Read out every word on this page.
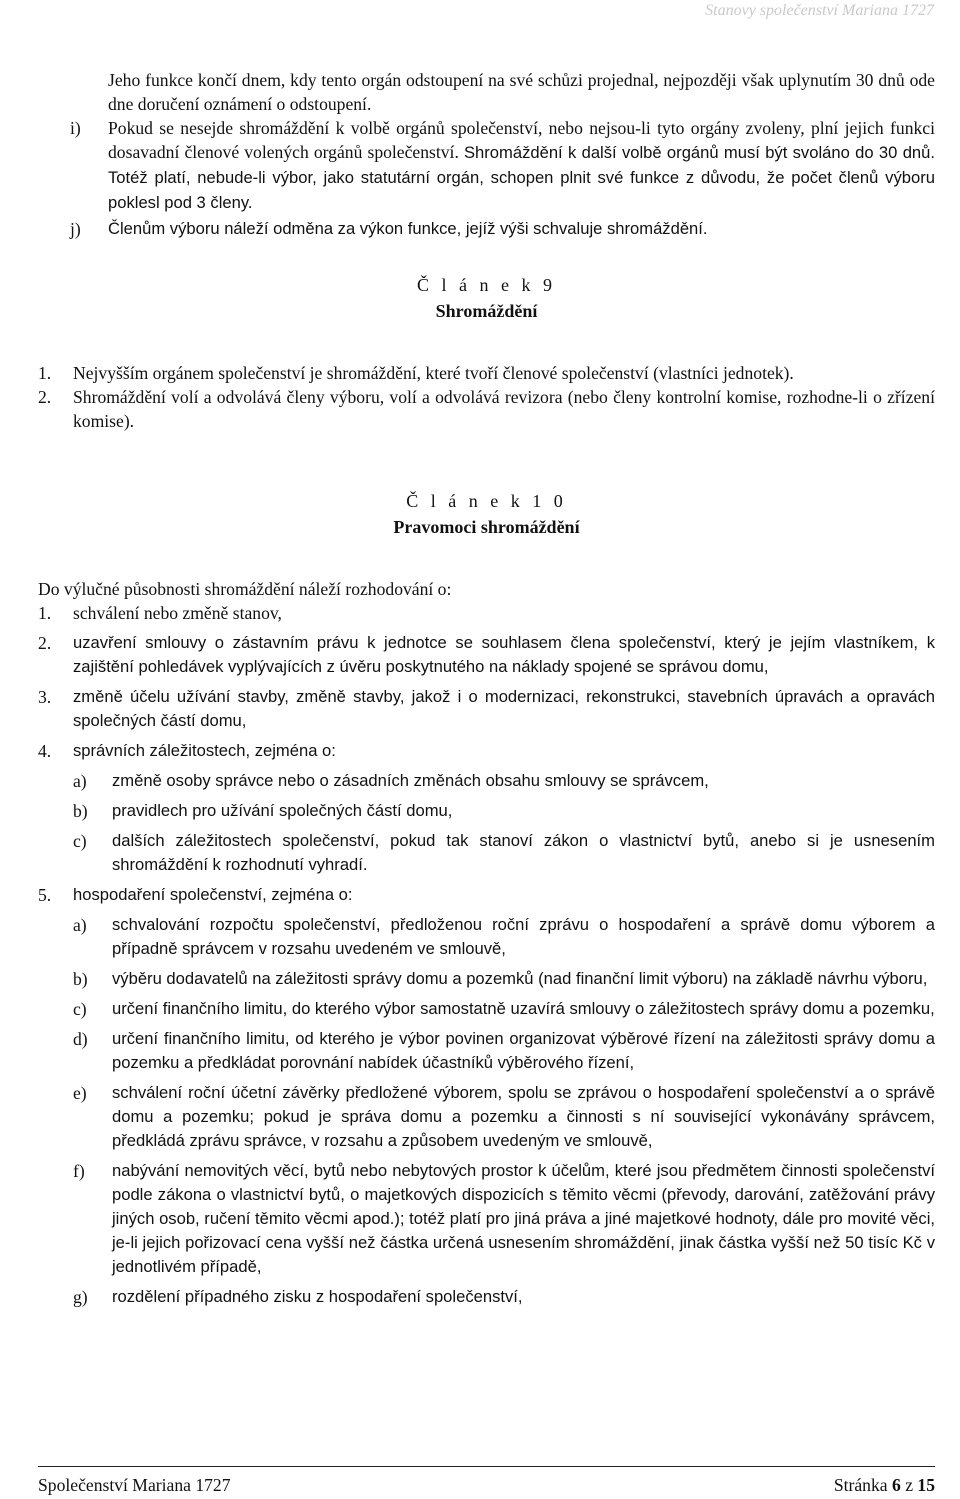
Stanovy společenství Mariana 1727

Jeho funkce končí dnem, kdy tento orgán odstoupení na své schůzi projednal, nejpozději však uplynutím 30 dnů ode dne doručení oznámení o odstoupení.

i)	Pokud se nesejde shromáždění k volbě orgánů společenství, nebo nejsou-li tyto orgány zvoleny, plní jejich funkci dosavadní členové volených orgánů společenství. Shromáždění k další volbě orgánů musí být svoláno do 30 dnů. Totéž platí, nebude-li výbor, jako statutární orgán, schopen plnit své funkce z důvodu, že počet členů výboru poklesl pod 3 členy.
j)	Členům výboru náleží odměna za výkon funkce, jejíž výši schvaluje shromáždění.
Č l á n e k 9
Shromáždění
1.	Nejvyšším orgánem společenství je shromáždění, které tvoří členové společenství (vlastníci jednotek).
2.	Shromáždění volí a odvolává členy výboru, volí a odvolává revizora (nebo členy kontrolní komise, rozhodne-li o zřízení komise).
Č l á n e k 1 0
Pravomoci shromáždění

Do výlučné působnosti shromáždění náleží rozhodování o:

1.	schválení nebo změně stanov,
2.	uzavření smlouvy o zástavním právu k jednotce se souhlasem člena společenství, který je jejím vlastníkem, k zajištění pohledávek vyplývajících z úvěru poskytnutého na náklady spojené se správou domu,
3.	změně účelu užívání stavby, změně stavby, jakož i o modernizaci, rekonstrukci, stavebních úpravách a opravách společných částí domu,
4.	správních záležitostech, zejména o:
a)	změně osoby správce nebo o zásadních změnách obsahu smlouvy se správcem,
b)	pravidlech pro užívání společných částí domu,
c)	dalších záležitostech společenství, pokud tak stanoví zákon o vlastnictví bytů, anebo si je usnesením shromáždění k rozhodnutí vyhradí.
5.	hospodaření společenství, zejména o:
a)	schvalování rozpočtu společenství, předloženou roční zprávu o hospodaření a správě domu výborem a případně správcem v rozsahu uvedeném ve smlouvě,
b)	výběru dodavatelů na záležitosti správy domu a pozemků (nad finanční limit výboru) na základě návrhu výboru,
c)	určení finančního limitu, do kterého výbor samostatně uzavírá smlouvy o záležitostech správy domu a pozemku,
d)	určení finančního limitu, od kterého je výbor povinen organizovat výběrové řízení na záležitosti správy domu a pozemku a předkládat porovnání nabídek účastníků výběrového řízení,
e)	schválení roční účetní závěrky předložené výborem, spolu se zprávou o hospodaření společenství a o správě domu a pozemku; pokud je správa domu a pozemku a činnosti s ní související vykonávány správcem, předkládá zprávu správce, v rozsahu a způsobem uvedeným ve smlouvě,
f)	nabývání nemovitých věcí, bytů nebo nebytových prostor k účelům, které jsou předmětem činnosti společenství podle zákona o vlastnictví bytů, o majetkových dispozicích s těmito věcmi (převody, darování, zatěžování právy jiných osob, ručení těmito věcmi apod.); totéž platí pro jiná práva a jiné majetkové hodnoty, dále pro movité věci, je-li jejich pořizovací cena vyšší než částka určená usnesením shromáždění, jinak částka vyšší než 50 tisíc Kč v jednotlivém případě,
g)	rozdělení případného zisku z hospodaření společenství,
Společenství Mariana 1727	Stránka 6 z 15
